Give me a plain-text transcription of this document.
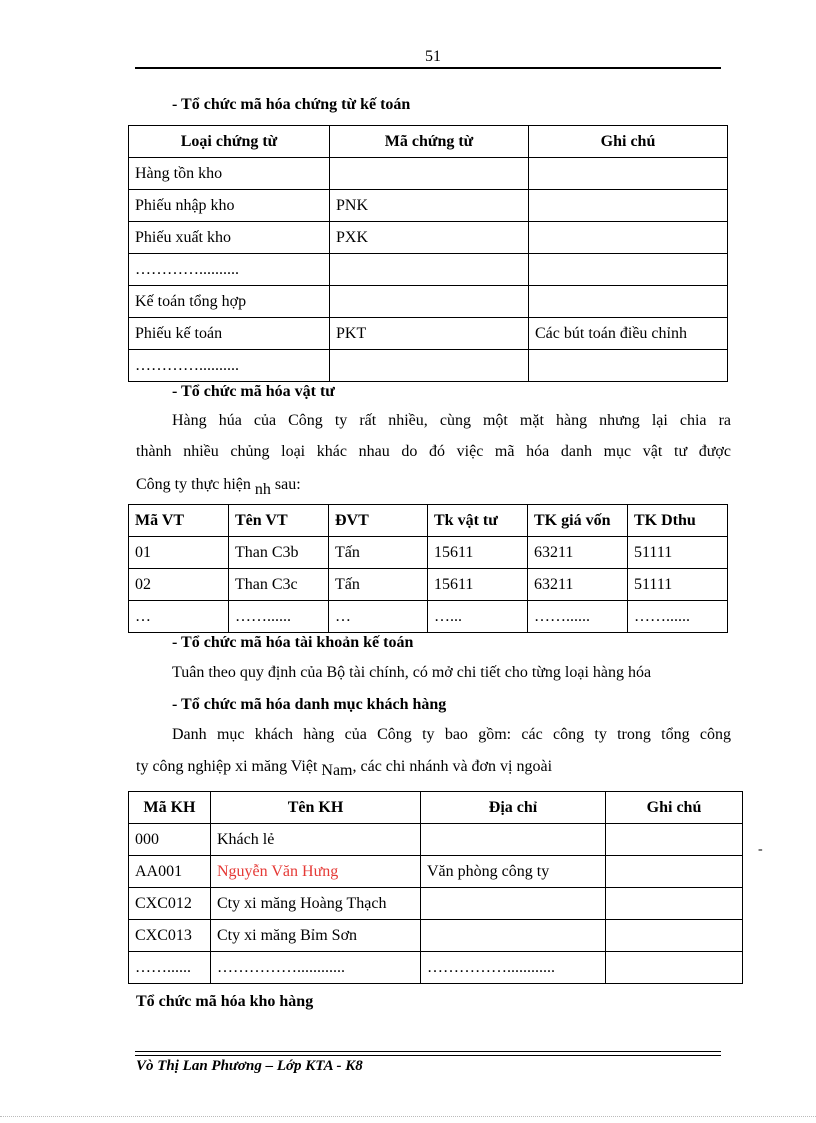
51
- Tổ chức mã hóa chứng từ kế toán
Loại chứng từ	Mã chứng từ	Ghi chú
Hàng tồn kho		
Phiếu nhập kho	PNK	
Phiếu xuất kho	PXK	
…………..........		
Kế toán tổng hợp		
Phiếu kế toán	PKT	Các bút toán điều chỉnh
…………..........		
- Tổ chức mã hóa vật tư
Hàng húa của Công ty rất nhiều, cùng một mặt hàng nhưng lại chia ra
thành nhiều chủng loại khác nhau do đó việc mã hóa danh mục vật tư được
Công ty thực hiện nh sau:
Mã VT	Tên VT	ĐVT	Tk vật tư	TK giá vốn	TK Dthu
01	Than C3b	Tấn	15611	63211	51111
02	Than C3c	Tấn	15611	63211	51111
…	……......	…	…...	……......	……......
- Tổ chức mã hóa tài khoản kế toán
Tuân theo quy định của Bộ tài chính, có mở chi tiết cho từng loại hàng hóa
- Tổ chức mã hóa danh mục khách hàng
Danh mục khách hàng của Công ty bao gồm: các công ty trong tổng công
ty công nghiệp xi măng Việt Nam, các chi nhánh và đơn vị ngoài
Mã KH	Tên KH	Địa chỉ	Ghi chú
000	Khách lẻ		
AA001	Nguyễn Văn Hưng	Văn phòng công ty	
CXC012	Cty xi măng Hoàng Thạch		
CXC013	Cty xi măng Bỉm Sơn		
……......	……………............	……………............	
-
Tổ chức mã hóa kho hàng
Vò Thị Lan Phương – Lớp KTA - K8
